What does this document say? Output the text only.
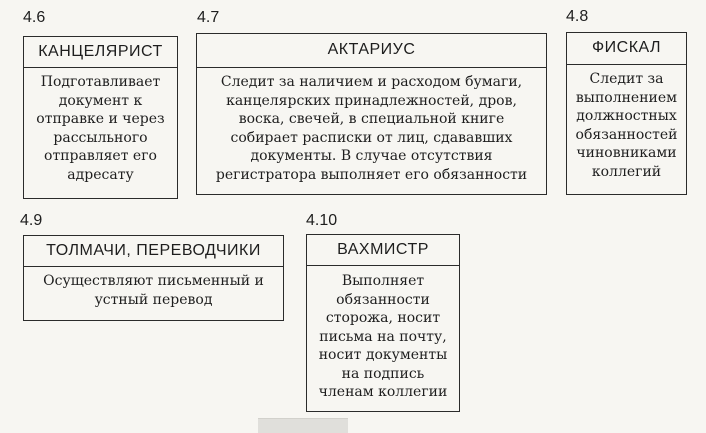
4.6
КАНЦЕЛЯРИСТ
Подготавливает
документ к
отправке и через
рассыльного
отправляет его
адресату
4.7
АКТАРИУС
Следит за наличием и расходом бумаги,
канцелярских принадлежностей, дров,
воска, свечей, в специальной книге
собирает расписки от лиц, сдававших
документы. В случае отсутствия
регистратора выполняет его обязанности
4.8
ФИСКАЛ
Следит за
выполнением
должностных
обязанностей
чиновниками
коллегий
4.9
ТОЛМАЧИ, ПЕРЕВОДЧИКИ
Осуществляют письменный и
устный перевод
4.10
ВАХМИСТР
Выполняет
обязанности
сторожа, носит
письма на почту,
носит документы
на подпись
членам коллегии
